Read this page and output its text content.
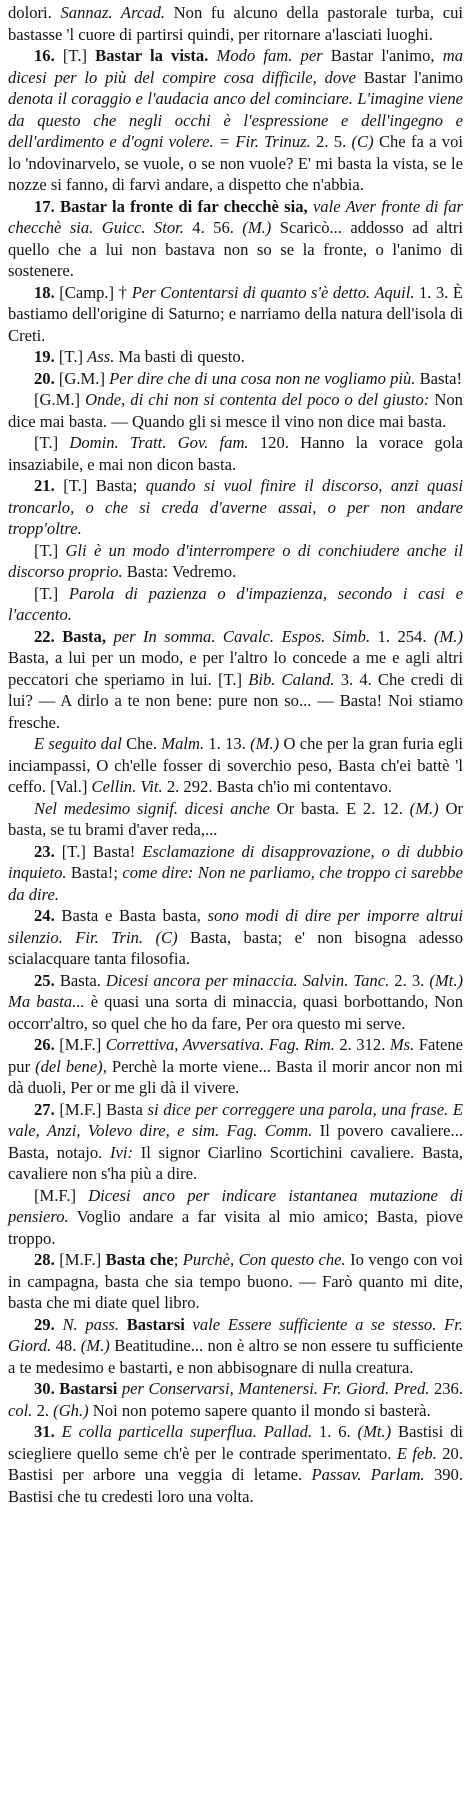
dolori. Sannaz. Arcad. Non fu alcuno della pastorale turba, cui bastasse 'l cuore di partirsi quindi, per ritornare a'lasciati luoghi.

16. [T.] Bastar la vista. Modo fam. per Bastar l'animo, ma dicesi per lo più del compire cosa difficile, dove Bastar l'animo denota il coraggio e l'audacia anco del cominciare. L'imagine viene da questo che negli occhi è l'espressione e dell'ingegno e dell'ardimento e d'ogni volere. = Fir. Trinuz. 2. 5. (C) Che fa a voi lo 'ndovinarvelo, se vuole, o se non vuole? E' mi basta la vista, se le nozze si fanno, di farvi andare, a dispetto che n'abbia.

17. Bastar la fronte di far checchè sia, vale Aver fronte di far checchè sia. Guicc. Stor. 4. 56. (M.) Scaricò... addosso ad altri quello che a lui non bastava non so se la fronte, o l'animo di sostenere.

18. [Camp.] † Per Contentarsi di quanto s'è detto. Aquil. 1. 3. È bastiamo dell'origine di Saturno; e narriamo della natura dell'isola di Creti.

19. [T.] Ass. Ma basti di questo.

20. [G.M.] Per dire che di una cosa non ne vogliamo più. Basta!

[G.M.] Onde, di chi non si contenta del poco o del giusto: Non dice mai basta. — Quando gli si mesce il vino non dice mai basta.

[T.] Domin. Tratt. Gov. fam. 120. Hanno la vorace gola insaziabile, e mai non dicon basta.

21. [T.] Basta; quando si vuol finire il discorso, anzi quasi troncarlo, o che si creda d'averne assai, o per non andare tropp'oltre.

[T.] Gli è un modo d'interrompere o di conchiudere anche il discorso proprio. Basta: Vedremo.

[T.] Parola di pazienza o d'impazienza, secondo i casi e l'accento.

22. Basta, per In somma. Cavalc. Espos. Simb. 1. 254. (M.) Basta, a lui per un modo, e per l'altro lo concede a me e agli altri peccatori che speriamo in lui. [T.] Bib. Caland. 3. 4. Che credi di lui? — A dirlo a te non bene: pure non so... — Basta! Noi stiamo fresche.

E seguito dal Che. Malm. 1. 13. (M.) O che per la gran furia egli inciampassi, O ch'elle fosser di soverchio peso, Basta ch'ei battè 'l ceffo. [Val.] Cellin. Vit. 2. 292. Basta ch'io mi contentavo.

Nel medesimo signif. dicesi anche Or basta. E 2. 12. (M.) Or basta, se tu brami d'aver reda,...

23. [T.] Basta! Esclamazione di disapprovazione, o di dubbio inquieto. Basta!; come dire: Non ne parliamo, che troppo ci sarebbe da dire.

24. Basta e Basta basta, sono modi di dire per imporre altrui silenzio. Fir. Trin. (C) Basta, basta; e' non bisogna adesso scialacquare tanta filosofia.

25. Basta. Dicesi ancora per minaccia. Salvin. Tanc. 2. 3. (Mt.) Ma basta... è quasi una sorta di minaccia, quasi borbottando, Non occorr'altro, so quel che ho da fare, Per ora questo mi serve.

26. [M.F.] Correttiva, Avversativa. Fag. Rim. 2. 312. Ms. Fatene pur (del bene), Perchè la morte viene... Basta il morir ancor non mi dà duoli, Per or me gli dà il vivere.

27. [M.F.] Basta si dice per correggere una parola, una frase. E vale, Anzi, Volevo dire, e sim. Fag. Comm. Il povero cavaliere... Basta, notajo. Ivi: Il signor Ciarlino Scortichini cavaliere. Basta, cavaliere non s'ha più a dire.

[M.F.] Dicesi anco per indicare istantanea mutazione di pensiero. Voglio andare a far visita al mio amico; Basta, piove troppo.

28. [M.F.] Basta che; Purchè, Con questo che. Io vengo con voi in campagna, basta che sia tempo buono. — Farò quanto mi dite, basta che mi diate quel libro.

29. N. pass. Bastarsi vale Essere sufficiente a se stesso. Fr. Giord. 48. (M.) Beatitudine... non è altro se non essere tu sufficiente a te medesimo e bastarti, e non abbisognare di nulla creatura.

30. Bastarsi per Conservarsi, Mantenersi. Fr. Giord. Pred. 236. col. 2. (Gh.) Noi non potemo sapere quanto il mondo si basterà.

31. E colla particella superflua. Pallad. 1. 6. (Mt.) Bastisi di sciegliere quello seme ch'è per le contrade sperimentato. E feb. 20. Bastisi per arbore una veggia di letame. Passav. Parlam. 390. Bastisi che tu credesti loro una volta.
